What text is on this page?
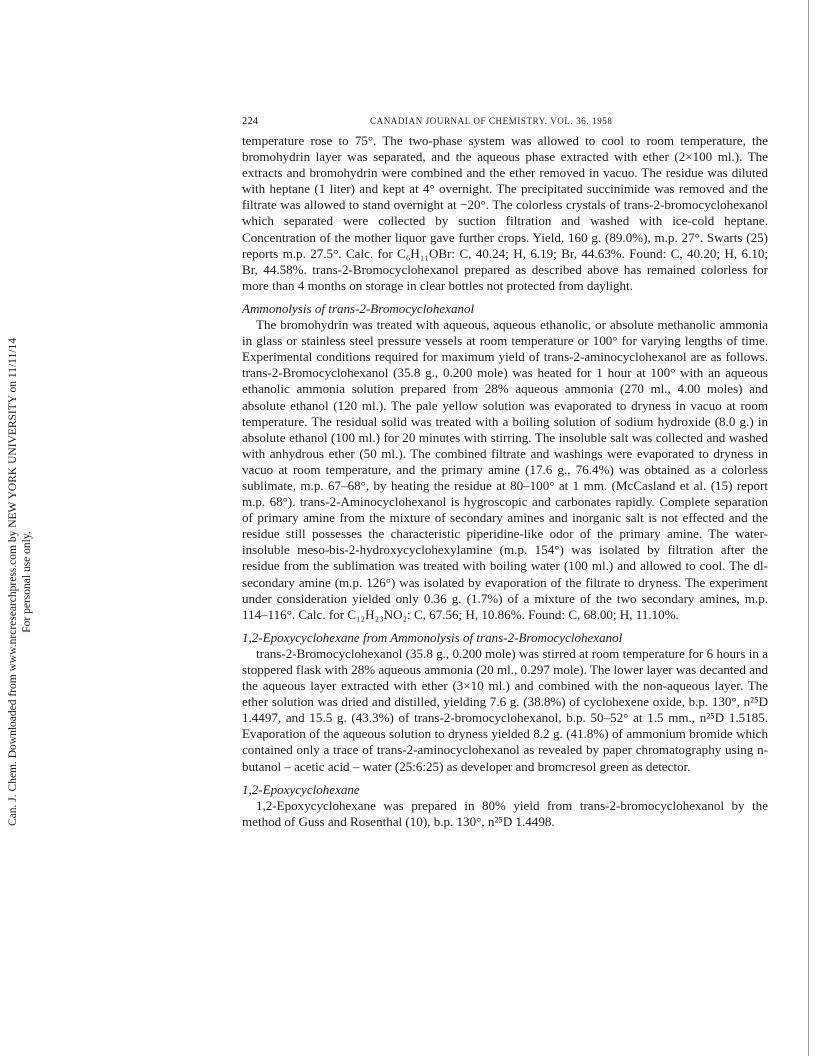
Can. J. Chem. Downloaded from www.nrcresearchpress.com by NEW YORK UNIVERSITY on 11/11/14 For personal use only.
224	CANADIAN JOURNAL OF CHEMISTRY. VOL. 36, 1958

temperature rose to 75°. The two-phase system was allowed to cool to room temperature, the bromohydrin layer was separated, and the aqueous phase extracted with ether (2×100 ml.). The extracts and bromohydrin were combined and the ether removed in vacuo. The residue was diluted with heptane (1 liter) and kept at 4° overnight. The precipitated succinimide was removed and the filtrate was allowed to stand overnight at −20°. The colorless crystals of trans-2-bromocyclohexanol which separated were collected by suction filtration and washed with ice-cold heptane. Concentration of the mother liquor gave further crops. Yield, 160 g. (89.0%), m.p. 27°. Swarts (25) reports m.p. 27.5°. Calc. for C₆H₁₁OBr: C, 40.24; H, 6.19; Br, 44.63%. Found: C, 40.20; H, 6.10; Br, 44.58%. trans-2-Bromocyclohexanol prepared as described above has remained colorless for more than 4 months on storage in clear bottles not protected from daylight.

Ammonolysis of trans-2-Bromocyclohexanol

The bromohydrin was treated with aqueous, aqueous ethanolic, or absolute methanolic ammonia in glass or stainless steel pressure vessels at room temperature or 100° for varying lengths of time. Experimental conditions required for maximum yield of trans-2-aminocyclohexanol are as follows. trans-2-Bromocyclohexanol (35.8 g., 0.200 mole) was heated for 1 hour at 100° with an aqueous ethanolic ammonia solution prepared from 28% aqueous ammonia (270 ml., 4.00 moles) and absolute ethanol (120 ml.). The pale yellow solution was evaporated to dryness in vacuo at room temperature. The residual solid was treated with a boiling solution of sodium hydroxide (8.0 g.) in absolute ethanol (100 ml.) for 20 minutes with stirring. The insoluble salt was collected and washed with anhydrous ether (50 ml.). The combined filtrate and washings were evaporated to dryness in vacuo at room temperature, and the primary amine (17.6 g., 76.4%) was obtained as a colorless sublimate, m.p. 67–68°, by heating the residue at 80–100° at 1 mm. (McCasland et al. (15) report m.p. 68°). trans-2-Aminocyclohexanol is hygroscopic and carbonates rapidly. Complete separation of primary amine from the mixture of secondary amines and inorganic salt is not effected and the residue still possesses the characteristic piperidine-like odor of the primary amine. The water-insoluble meso-bis-2-hydroxycyclohexylamine (m.p. 154°) was isolated by filtration after the residue from the sublimation was treated with boiling water (100 ml.) and allowed to cool. The dl-secondary amine (m.p. 126°) was isolated by evaporation of the filtrate to dryness. The experiment under consideration yielded only 0.36 g. (1.7%) of a mixture of the two secondary amines, m.p. 114–116°. Calc. for C₁₂H₂₃NO₂: C, 67.56; H, 10.86%. Found: C, 68.00; H, 11.10%.

1,2-Epoxycyclohexane from Ammonolysis of trans-2-Bromocyclohexanol

trans-2-Bromocyclohexanol (35.8 g., 0.200 mole) was stirred at room temperature for 6 hours in a stoppered flask with 28% aqueous ammonia (20 ml., 0.297 mole). The lower layer was decanted and the aqueous layer extracted with ether (3×10 ml.) and combined with the non-aqueous layer. The ether solution was dried and distilled, yielding 7.6 g. (38.8%) of cyclohexene oxide, b.p. 130°, n²⁵D 1.4497, and 15.5 g. (43.3%) of trans-2-bromocyclohexanol, b.p. 50–52° at 1.5 mm., n²⁵D 1.5185. Evaporation of the aqueous solution to dryness yielded 8.2 g. (41.8%) of ammonium bromide which contained only a trace of trans-2-aminocyclohexanol as revealed by paper chromatography using n-butanol – acetic acid – water (25:6:25) as developer and bromcresol green as detector.

1,2-Epoxycyclohexane

1,2-Epoxycyclohexane was prepared in 80% yield from trans-2-bromocyclohexanol by the method of Guss and Rosenthal (10), b.p. 130°, n²⁵D 1.4498.
